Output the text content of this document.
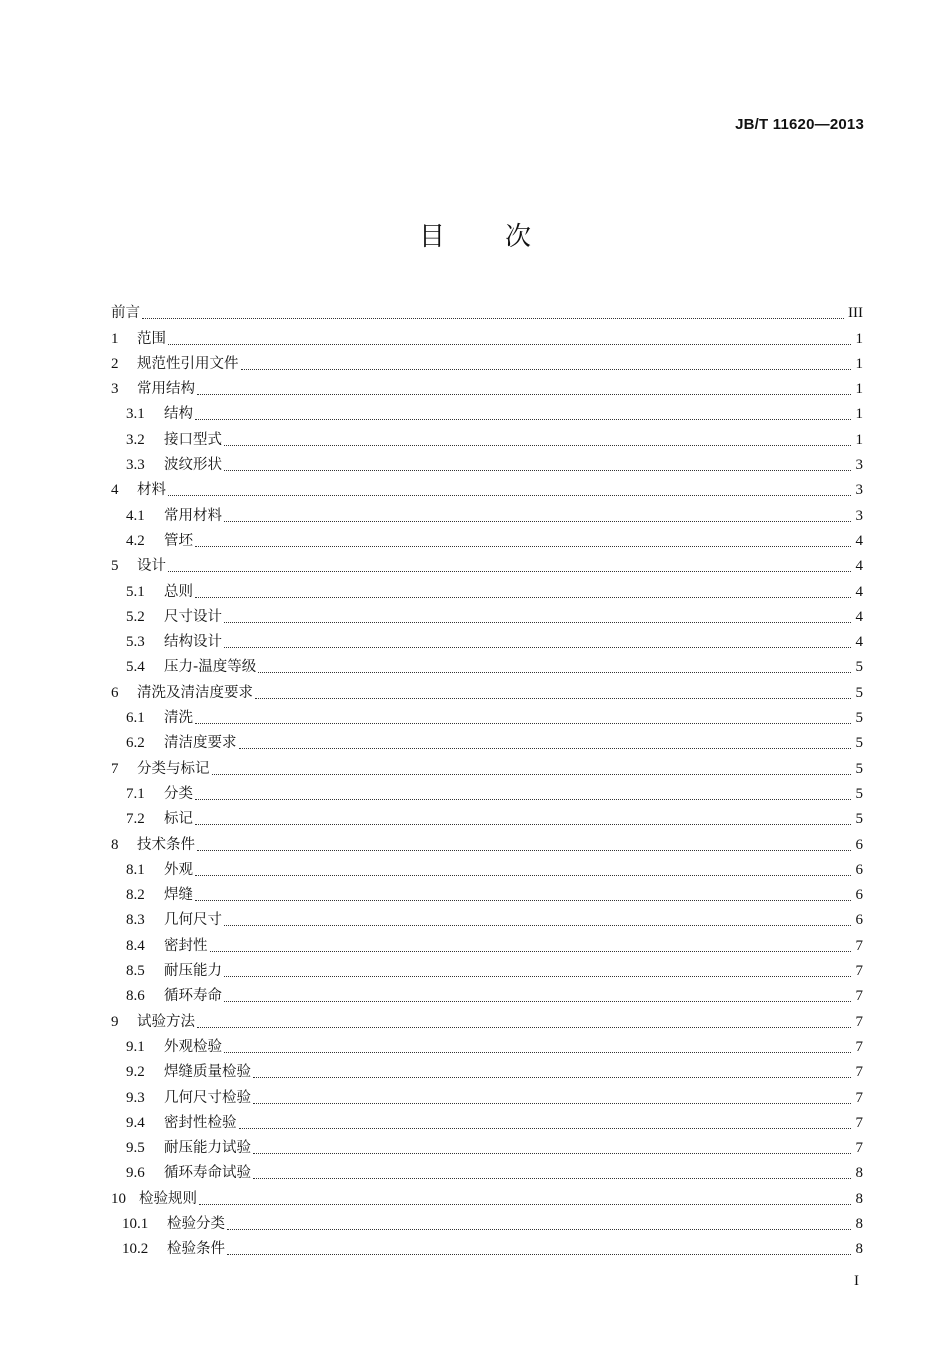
JB/T 11620—2013
目 次
前言	III
1	范围	1
2	规范性引用文件	1
3	常用结构	1
3.1	结构	1
3.2	接口型式	1
3.3	波纹形状	3
4	材料	3
4.1	常用材料	3
4.2	管坯	4
5	设计	4
5.1	总则	4
5.2	尺寸设计	4
5.3	结构设计	4
5.4	压力-温度等级	5
6	清洗及清洁度要求	5
6.1	清洗	5
6.2	清洁度要求	5
7	分类与标记	5
7.1	分类	5
7.2	标记	5
8	技术条件	6
8.1	外观	6
8.2	焊缝	6
8.3	几何尺寸	6
8.4	密封性	7
8.5	耐压能力	7
8.6	循环寿命	7
9	试验方法	7
9.1	外观检验	7
9.2	焊缝质量检验	7
9.3	几何尺寸检验	7
9.4	密封性检验	7
9.5	耐压能力试验	7
9.6	循环寿命试验	8
10 检验规则	8
10.1	检验分类	8
10.2	检验条件	8
I
